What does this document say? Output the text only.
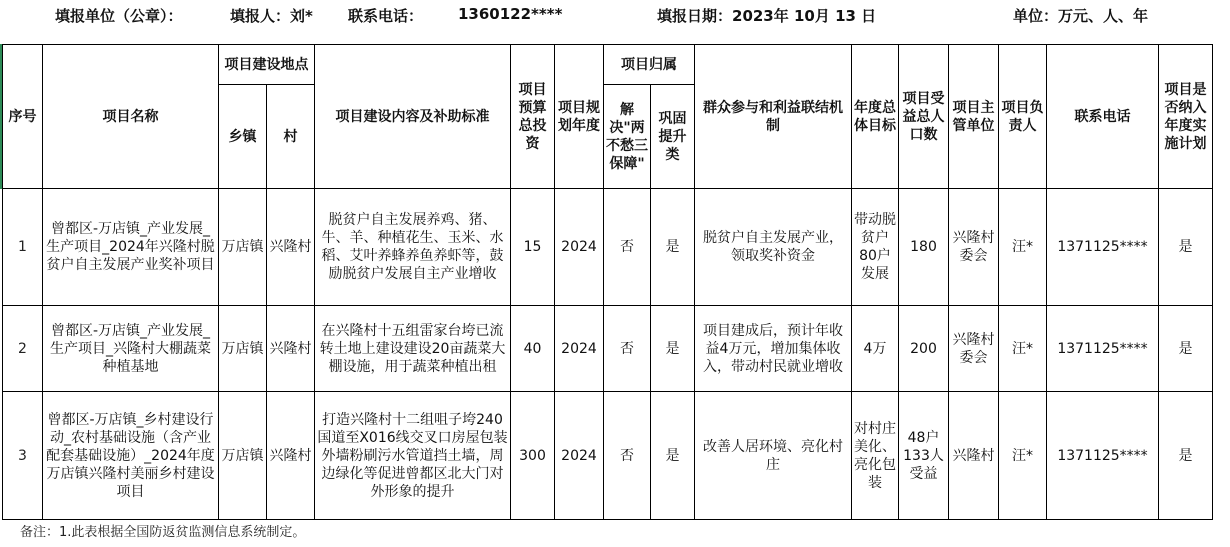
填报单位（公章）：	填报人：刘* 联系电话： 1360122****	填报日期：2023年 10月 13 日	单位：万元、人、年
序号	项目名称	项目建设地点		项目建设内容及补助标准	项目预算总投资	项目规划年度	项目归属		群众参与和利益联结机制	年度总体目标	项目受益总人口数	项目主管单位	项目负责人	联系电话	项目是否纳入年度实施计划
		乡镇	村				解决"两不愁三保障"	巩固提升类							
1	曾都区-万店镇_产业发展_生产项目_2024年兴隆村脱贫户自主发展产业奖补项目	万店镇	兴隆村	脱贫户自主发展养鸡、猪、牛、羊、种植花生、玉米、水稻、艾叶养蜂养鱼养虾等，鼓励脱贫户发展自主产业增收	15	2024	否	是	脱贫户自主发展产业，领取奖补资金	带动脱贫户80户发展	180	兴隆村委会	汪*	1371125****	是
2	曾都区-万店镇_产业发展_生产项目_兴隆村大棚蔬菜种植基地	万店镇	兴隆村	在兴隆村十五组雷家台垮已流转土地上建设建设20亩蔬菜大棚设施，用于蔬菜种植出租	40	2024	否	是	项目建成后，预计年收益4万元，增加集体收入，带动村民就业增收	4万	200	兴隆村委会	汪*	1371125****	是
3	曾都区-万店镇_乡村建设行动_农村基础设施（含产业配套基础设施）_2024年度万店镇兴隆村美丽乡村建设项目	万店镇	兴隆村	打造兴隆村十二组咀子垮240国道至X016线交叉口房屋包装外墙粉刷污水管道挡土墙，周边绿化等促进曾都区北大门对外形象的提升	300	2024	否	是	改善人居环境、亮化村庄	对村庄美化、亮化包装	48户133人受益	兴隆村	汪*	1371125****	是
备注：1.此表根据全国防返贫监测信息系统制定。
